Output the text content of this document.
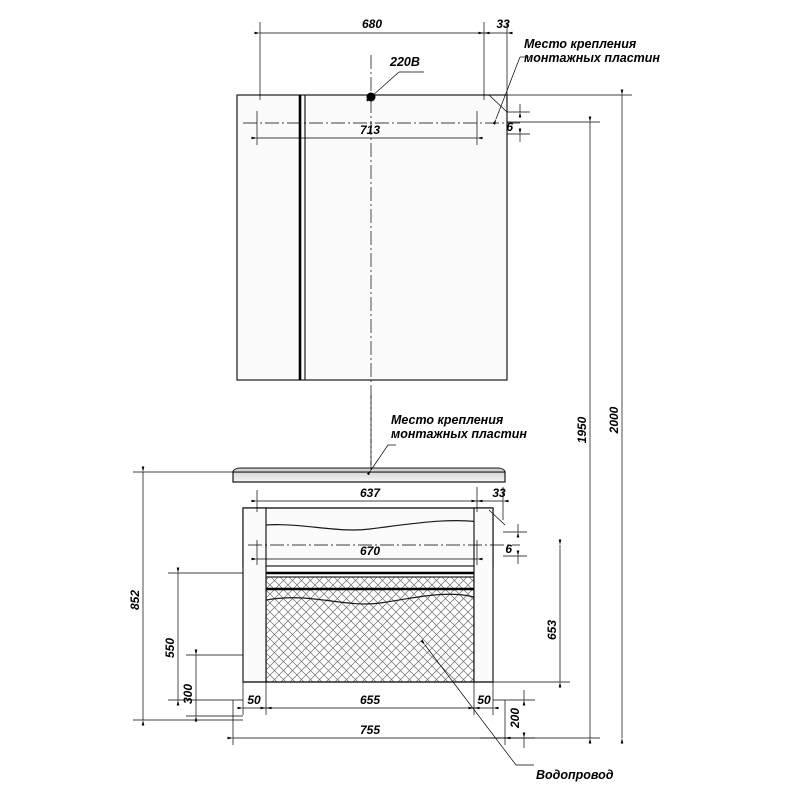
680	33
713	6
220В
Место крепления
монтажных пластин
1950 2000
Место крепления
монтажных пластин
637	33
670	6
653
852
550
300
200
50	655	50
755
Водопровод
